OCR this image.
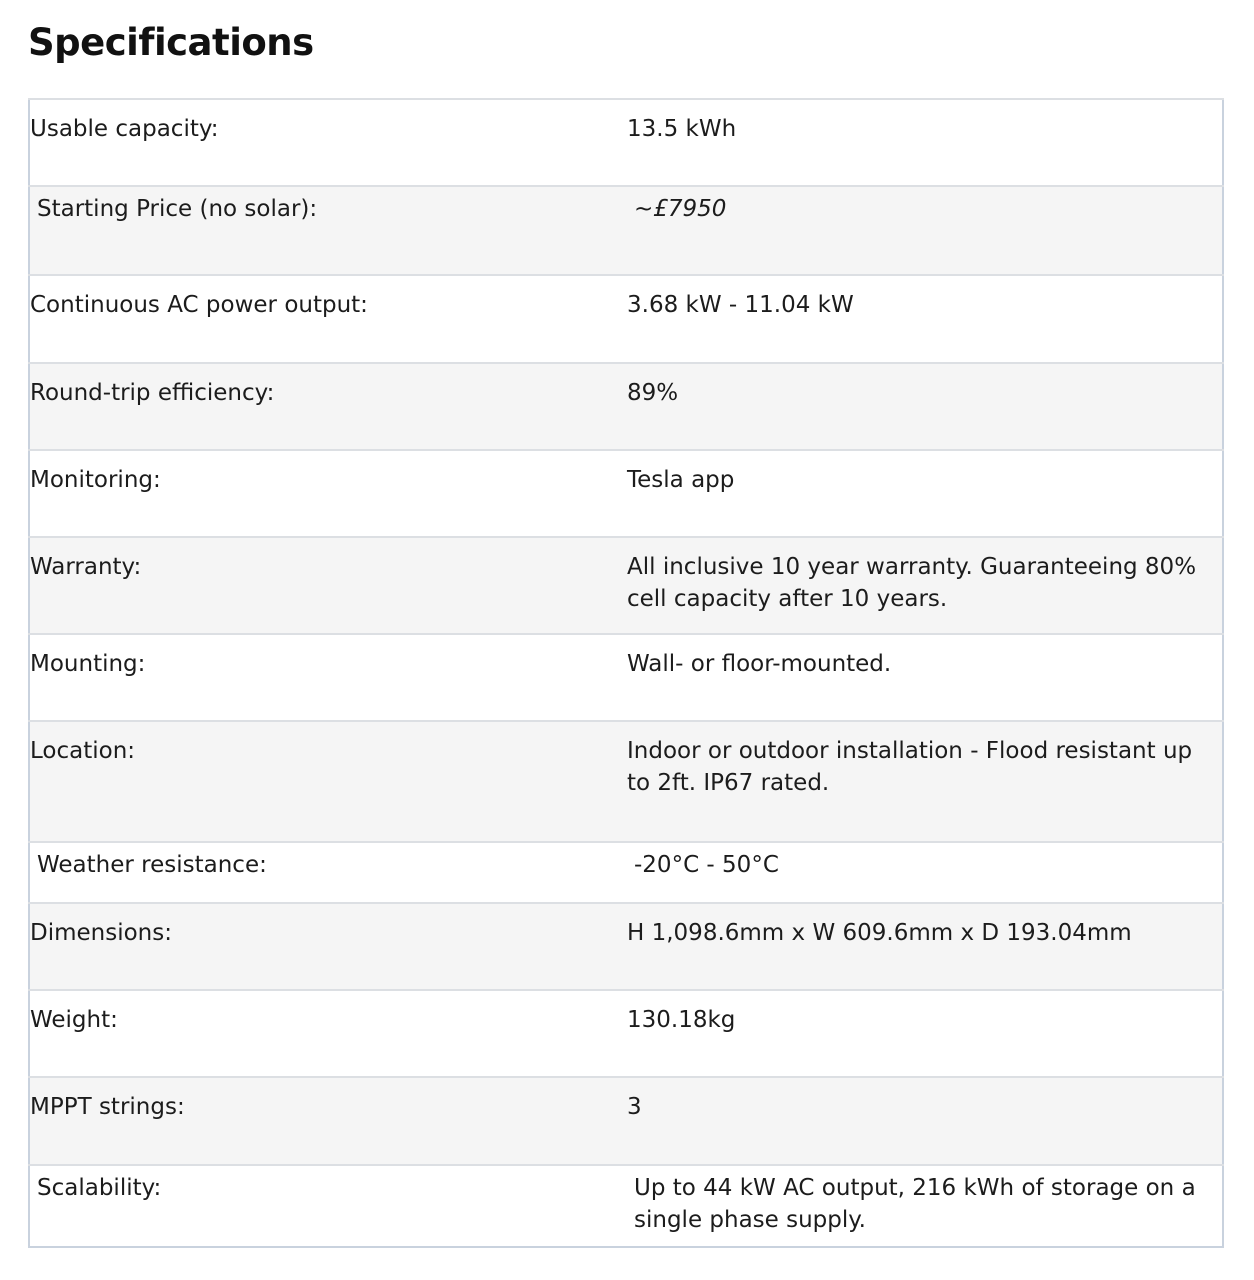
Specifications
Usable capacity:	13.5 kWh
Starting Price (no solar):	~£7950
Continuous AC power output:	3.68 kW - 11.04 kW
Round-trip efficiency:	89%
Monitoring:	Tesla app
Warranty:	All inclusive 10 year warranty. Guaranteeing 80% cell capacity after 10 years.
Mounting:	Wall- or floor-mounted.
Location:	Indoor or outdoor installation - Flood resistant up to 2ft. IP67 rated.
Weather resistance:	-20°C - 50°C
Dimensions:	H 1,098.6mm x W 609.6mm x D 193.04mm
Weight:	130.18kg
MPPT strings:	3
Scalability:	Up to 44 kW AC output, 216 kWh of storage on a single phase supply.
